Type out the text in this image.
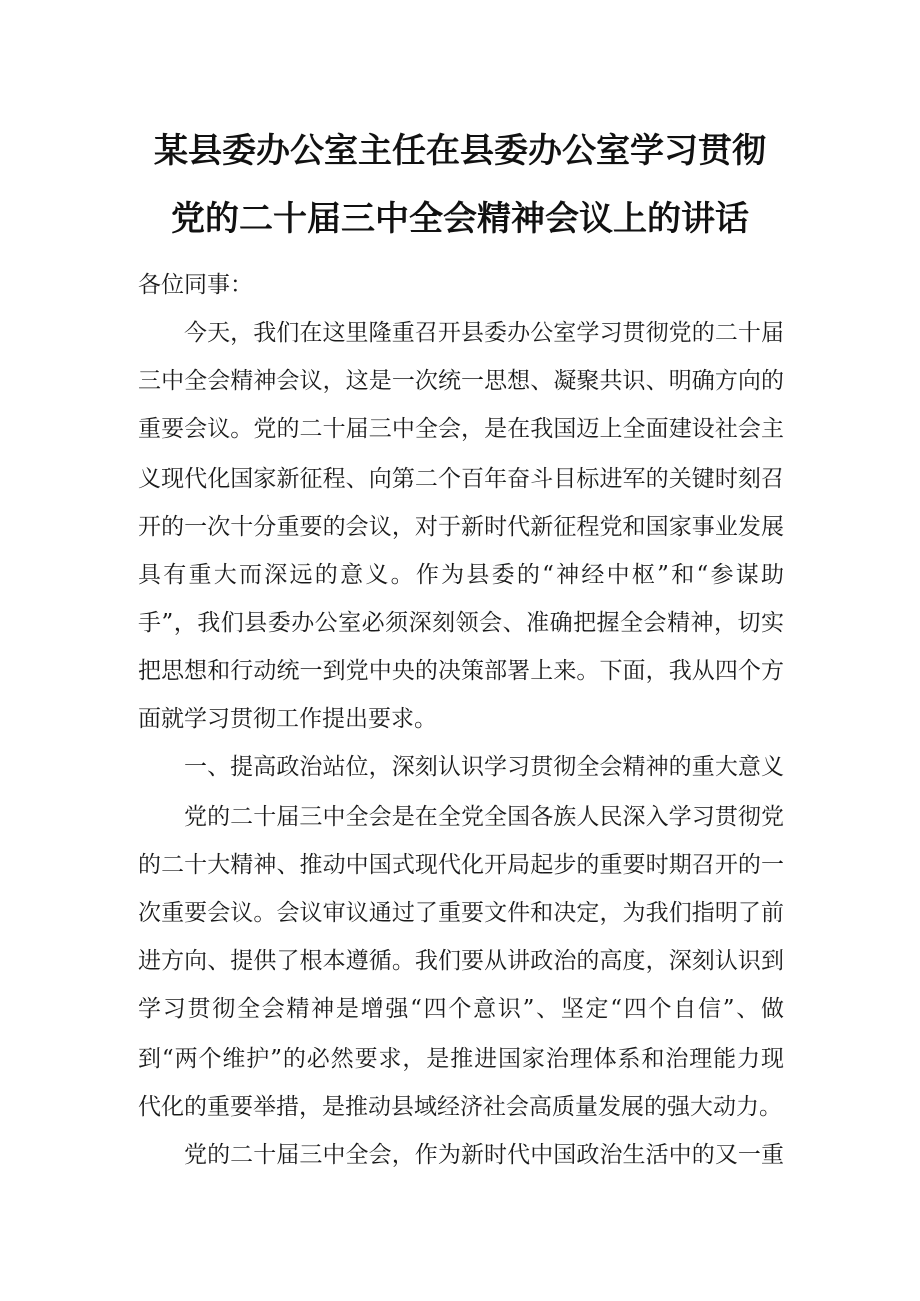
某县委办公室主任在县委办公室学习贯彻
党的二十届三中全会精神会议上的讲话
各位同事：
今天，我们在这里隆重召开县委办公室学习贯彻党的二十届
三中全会精神会议，这是一次统一思想、凝聚共识、明确方向的
重要会议。党的二十届三中全会，是在我国迈上全面建设社会主
义现代化国家新征程、向第二个百年奋斗目标进军的关键时刻召
开的一次十分重要的会议，对于新时代新征程党和国家事业发展
具有重大而深远的意义。作为县委的“神经中枢”和“参谋助
手”，我们县委办公室必须深刻领会、准确把握全会精神，切实
把思想和行动统一到党中央的决策部署上来。下面，我从四个方
面就学习贯彻工作提出要求。
一、提高政治站位，深刻认识学习贯彻全会精神的重大意义
党的二十届三中全会是在全党全国各族人民深入学习贯彻党
的二十大精神、推动中国式现代化开局起步的重要时期召开的一
次重要会议。会议审议通过了重要文件和决定，为我们指明了前
进方向、提供了根本遵循。我们要从讲政治的高度，深刻认识到
学习贯彻全会精神是增强“四个意识”、坚定“四个自信”、做
到“两个维护”的必然要求，是推进国家治理体系和治理能力现
代化的重要举措，是推动县域经济社会高质量发展的强大动力。
党的二十届三中全会，作为新时代中国政治生活中的又一重
